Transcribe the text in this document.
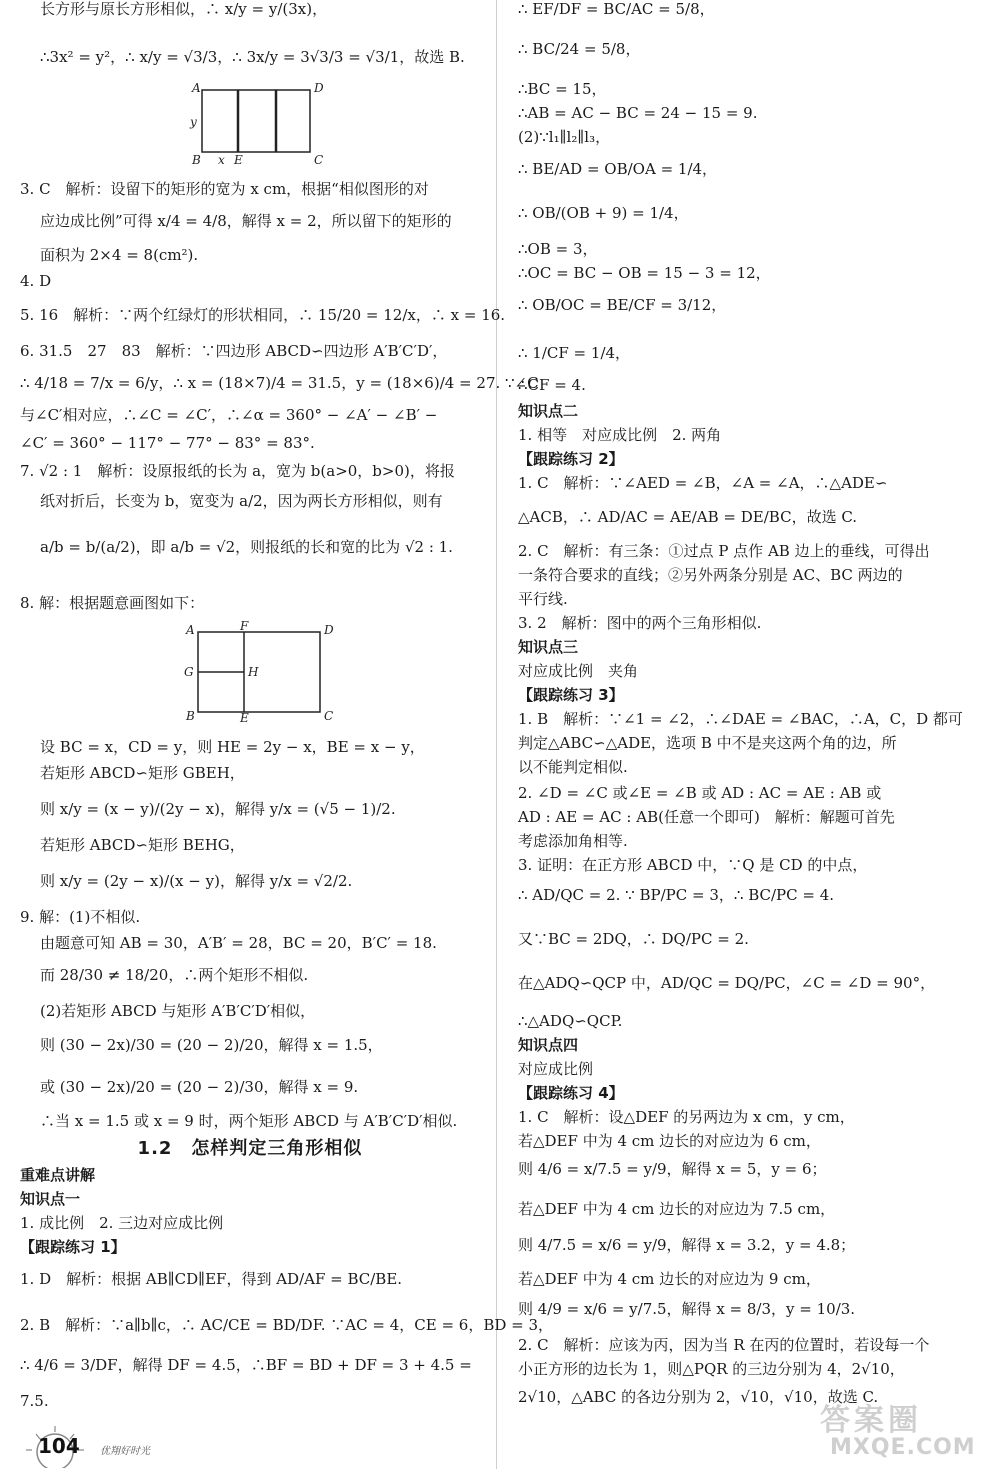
长方形与原长方形相似，∴ x/y = y/(3x)，
∴3x² = y²，∴ x/y = √3/3，∴ 3x/y = 3√3/3 = √3/1，故选 B.
3. C　解析：设留下的矩形的宽为 x cm，根据“相似图形的对
应边成比例”可得 x/4 = 4/8，解得 x = 2，所以留下的矩形的
面积为 2×4 = 8(cm²).
4. D
5. 16　解析：∵两个红绿灯的形状相同，∴ 15/20 = 12/x，∴ x = 16.
6. 31.5　27　83　解析：∵四边形 ABCD∽四边形 A′B′C′D′，
∴ 4/18 = 7/x = 6/y，∴ x = (18×7)/4 = 31.5，y = (18×6)/4 = 27. ∵∠C
与∠C′相对应，∴∠C = ∠C′，∴∠α = 360° − ∠A′ − ∠B′ −
∠C′ = 360° − 117° − 77° − 83° = 83°.
7. √2 : 1　解析：设原报纸的长为 a，宽为 b(a>0，b>0)，将报
纸对折后，长变为 b，宽变为 a/2，因为两长方形相似，则有
a/b = b/(a/2)，即 a/b = √2，则报纸的长和宽的比为 √2 : 1.
8. 解：根据题意画图如下：
设 BC = x，CD = y，则 HE = 2y − x，BE = x − y，
若矩形 ABCD∽矩形 GBEH，
则 x/y = (x − y)/(2y − x)，解得 y/x = (√5 − 1)/2.
若矩形 ABCD∽矩形 BEHG，
则 x/y = (2y − x)/(x − y)，解得 y/x = √2/2.
9. 解：(1)不相似.
由题意可知 AB = 30，A′B′ = 28，BC = 20，B′C′ = 18.
而 28/30 ≠ 18/20，∴两个矩形不相似.
(2)若矩形 ABCD 与矩形 A′B′C′D′相似，
则 (30 − 2x)/30 = (20 − 2)/20，解得 x = 1.5，
或 (30 − 2x)/20 = (20 − 2)/30，解得 x = 9.
∴当 x = 1.5 或 x = 9 时，两个矩形 ABCD 与 A′B′C′D′相似.
A	D
y
B x E	C
A	F	D
G	H
B	E	C
1.2　怎样判定三角形相似
重难点讲解
知识点一
1. 成比例　2. 三边对应成比例
【跟踪练习 1】
1. D　解析：根据 AB∥CD∥EF，得到 AD/AF = BC/BE.
2. B　解析：∵a∥b∥c，∴ AC/CE = BD/DF. ∵AC = 4，CE = 6，BD = 3，
∴ 4/6 = 3/DF，解得 DF = 4.5，∴BF = BD + DF = 3 + 4.5 =
7.5.
∴ EF/DF = BC/AC = 5/8，
∴ BC/24 = 5/8，
∴BC = 15，
∴AB = AC − BC = 24 − 15 = 9.
(2)∵l₁∥l₂∥l₃，
∴ BE/AD = OB/OA = 1/4，
∴ OB/(OB + 9) = 1/4，
∴OB = 3，
∴OC = BC − OB = 15 − 3 = 12，
∴ OB/OC = BE/CF = 3/12，
∴ 1/CF = 1/4，
∴CF = 4.
知识点二
1. 相等　对应成比例　2. 两角
【跟踪练习 2】
1. C　解析：∵∠AED = ∠B，∠A = ∠A，∴△ADE∽
△ACB，∴ AD/AC = AE/AB = DE/BC，故选 C.
2. C　解析：有三条：①过点 P 点作 AB 边上的垂线，可得出
一条符合要求的直线；②另外两条分别是 AC、BC 两边的
平行线.
3. 2　解析：图中的两个三角形相似.
知识点三
对应成比例　夹角
【跟踪练习 3】
1. B　解析：∵∠1 = ∠2，∴∠DAE = ∠BAC，∴A，C，D 都可
判定△ABC∽△ADE，选项 B 中不是夹这两个角的边，所
以不能判定相似.
2. ∠D = ∠C 或∠E = ∠B 或 AD : AC = AE : AB 或
AD : AE = AC : AB(任意一个即可)　解析：解题可首先
考虑添加角相等.
3. 证明：在正方形 ABCD 中，∵Q 是 CD 的中点，
∴ AD/QC = 2. ∵ BP/PC = 3，∴ BC/PC = 4.
又∵BC = 2DQ，∴ DQ/PC = 2.
在△ADQ∽QCP 中，AD/QC = DQ/PC，∠C = ∠D = 90°，
∴△ADQ∽QCP.
知识点四
对应成比例
【跟踪练习 4】
1. C　解析：设△DEF 的另两边为 x cm，y cm，
若△DEF 中为 4 cm 边长的对应边为 6 cm，
则 4/6 = x/7.5 = y/9，解得 x = 5，y = 6；
若△DEF 中为 4 cm 边长的对应边为 7.5 cm，
则 4/7.5 = x/6 = y/9，解得 x = 3.2，y = 4.8；
若△DEF 中为 4 cm 边长的对应边为 9 cm，
则 4/9 = x/6 = y/7.5，解得 x = 8/3，y = 10/3.
2. C　解析：应该为丙，因为当 R 在丙的位置时，若设每一个
小正方形的边长为 1，则△PQR 的三边分别为 4，2√10，
2√10，△ABC 的各边分别为 2，√10，√10，故选 C.
104 优翔好时光
答案圈
MXQE.COM
